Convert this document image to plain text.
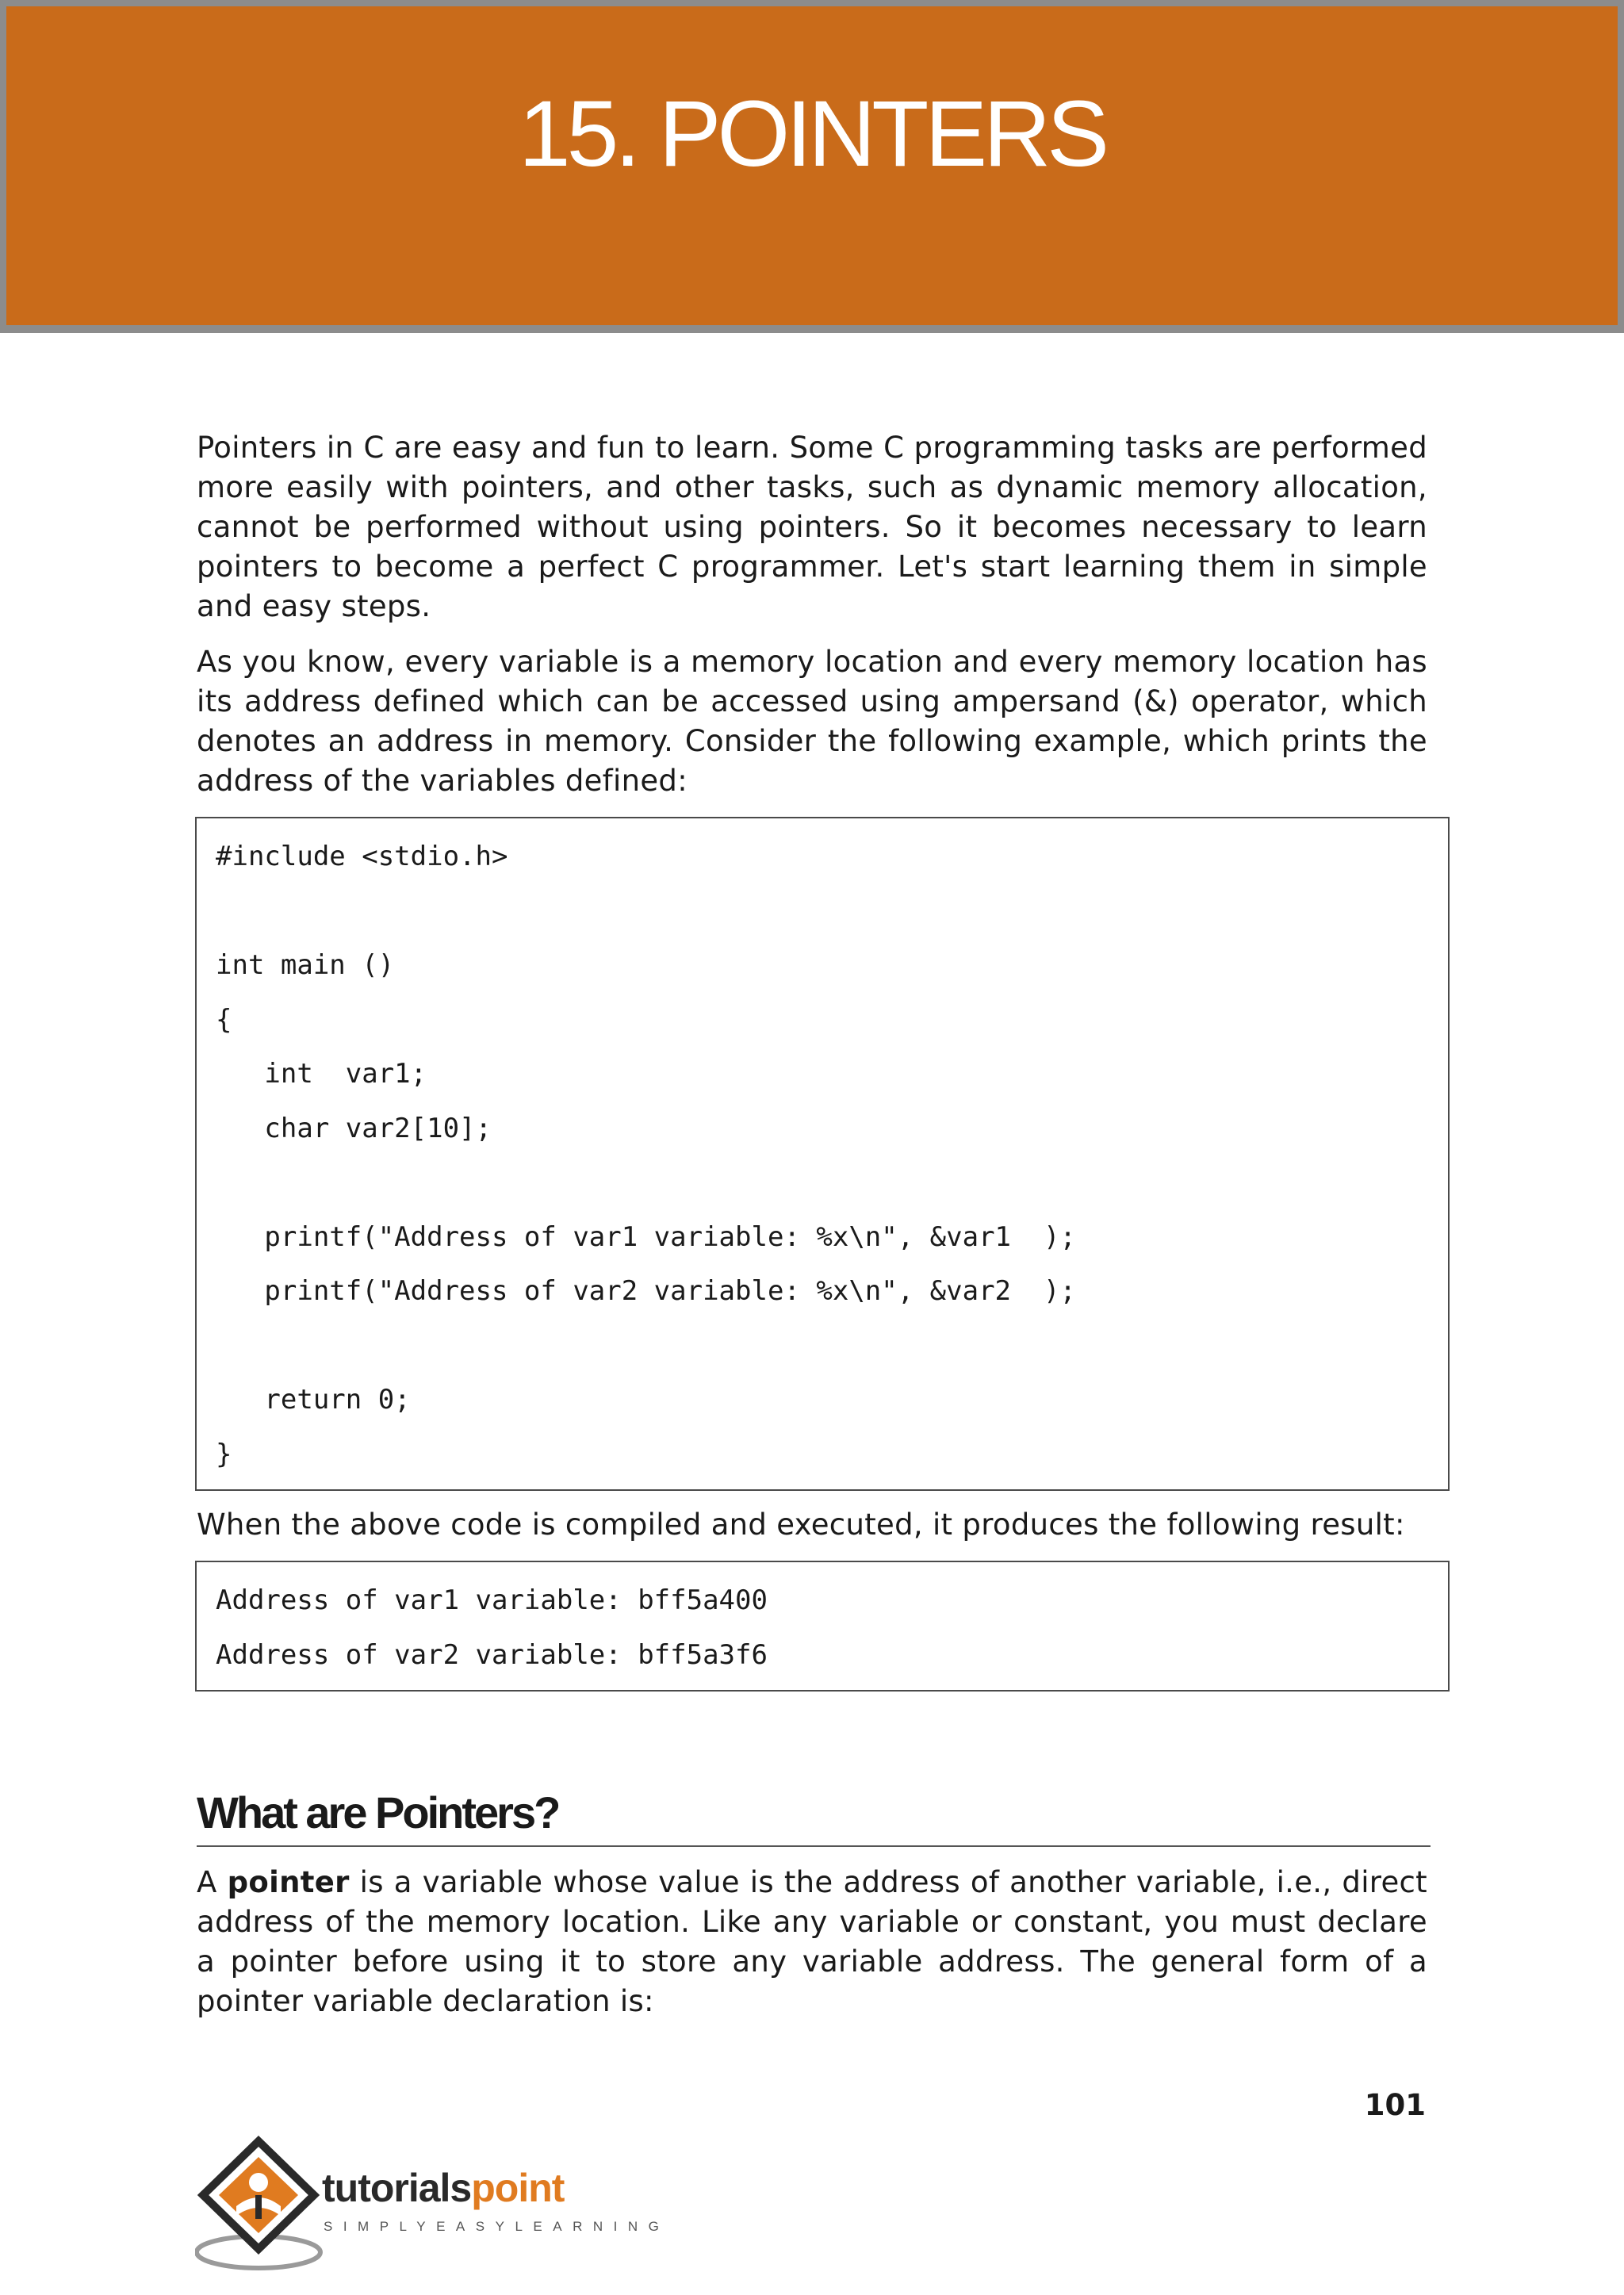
15. POINTERS

Pointers in C are easy and fun to learn. Some C programming tasks are performed more easily with pointers, and other tasks, such as dynamic memory allocation, cannot be performed without using pointers. So it becomes necessary to learn pointers to become a perfect C programmer. Let's start learning them in simple and easy steps.

As you know, every variable is a memory location and every memory location has its address defined which can be accessed using ampersand (&) operator, which denotes an address in memory. Consider the following example, which prints the address of the variables defined:

#include <stdio.h>
int main ()
{
int  var1;
char var2[10];
printf("Address of var1 variable: %x\n", &var1  );
printf("Address of var2 variable: %x\n", &var2  );
return 0;
}

When the above code is compiled and executed, it produces the following result:

Address of var1 variable: bff5a400
Address of var2 variable: bff5a3f6
What are Pointers?

A pointer is a variable whose value is the address of another variable, i.e., direct address of the memory location. Like any variable or constant, you must declare a pointer before using it to store any variable address. The general form of a pointer variable declaration is:

101
tutorialspoint
SIMPLYEASYLEARNING
